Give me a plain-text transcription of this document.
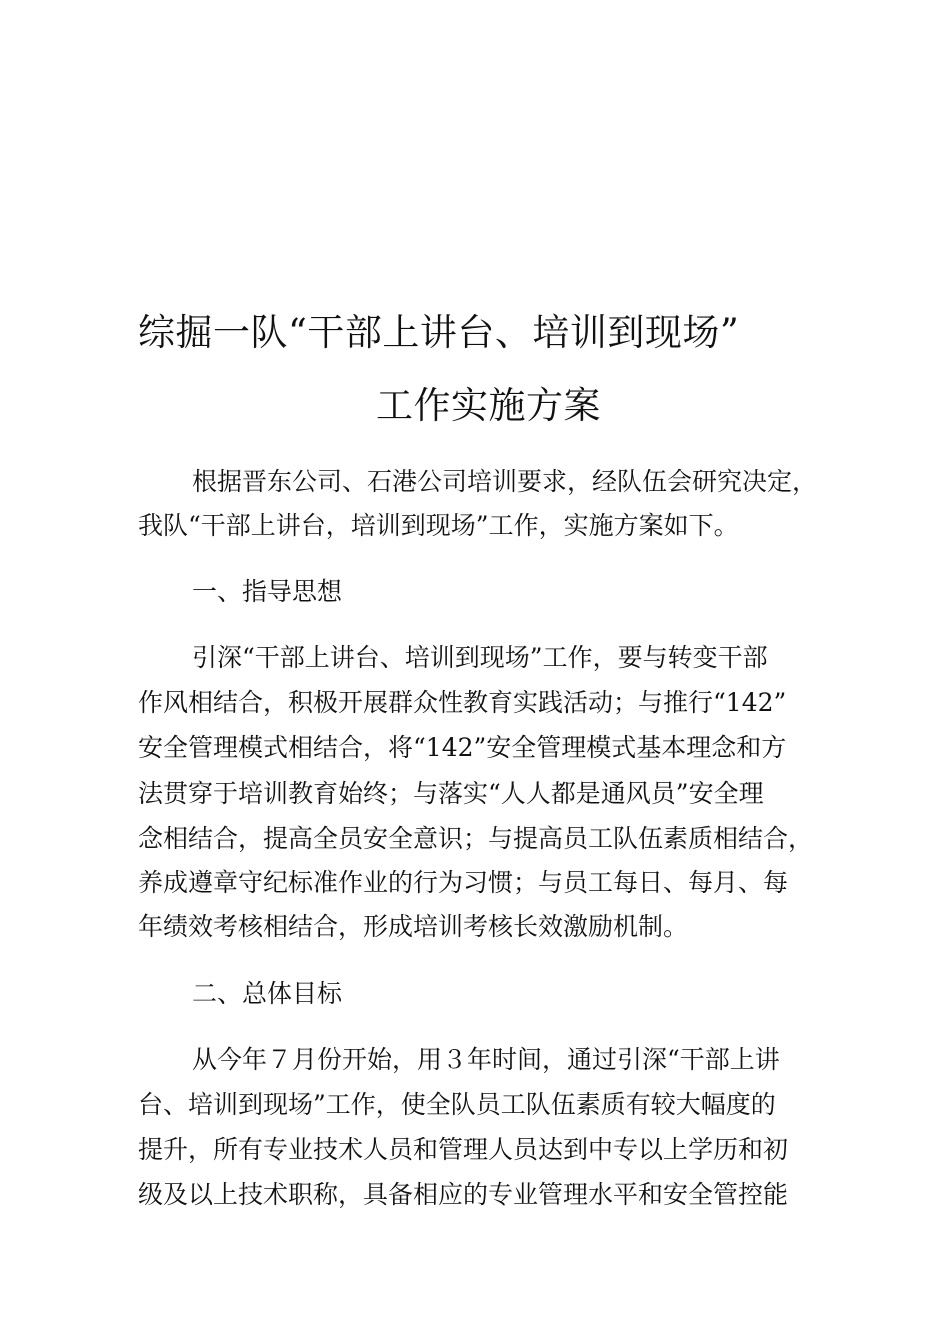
综掘一队“干部上讲台、培训到现场”
工作实施方案
根据晋东公司、石港公司培训要求，经队伍会研究决定，
我队“干部上讲台，培训到现场”工作，实施方案如下。
一、指导思想
引深“干部上讲台、培训到现场”工作，要与转变干部
作风相结合，积极开展群众性教育实践活动；与推行“142”
安全管理模式相结合，将“142”安全管理模式基本理念和方
法贯穿于培训教育始终；与落实“人人都是通风员”安全理
念相结合，提高全员安全意识；与提高员工队伍素质相结合，
养成遵章守纪标准作业的行为习惯；与员工每日、每月、每
年绩效考核相结合，形成培训考核长效激励机制。
二、总体目标
从今年７月份开始，用３年时间，通过引深“干部上讲
台、培训到现场”工作，使全队员工队伍素质有较大幅度的
提升，所有专业技术人员和管理人员达到中专以上学历和初
级及以上技术职称，具备相应的专业管理水平和安全管控能
